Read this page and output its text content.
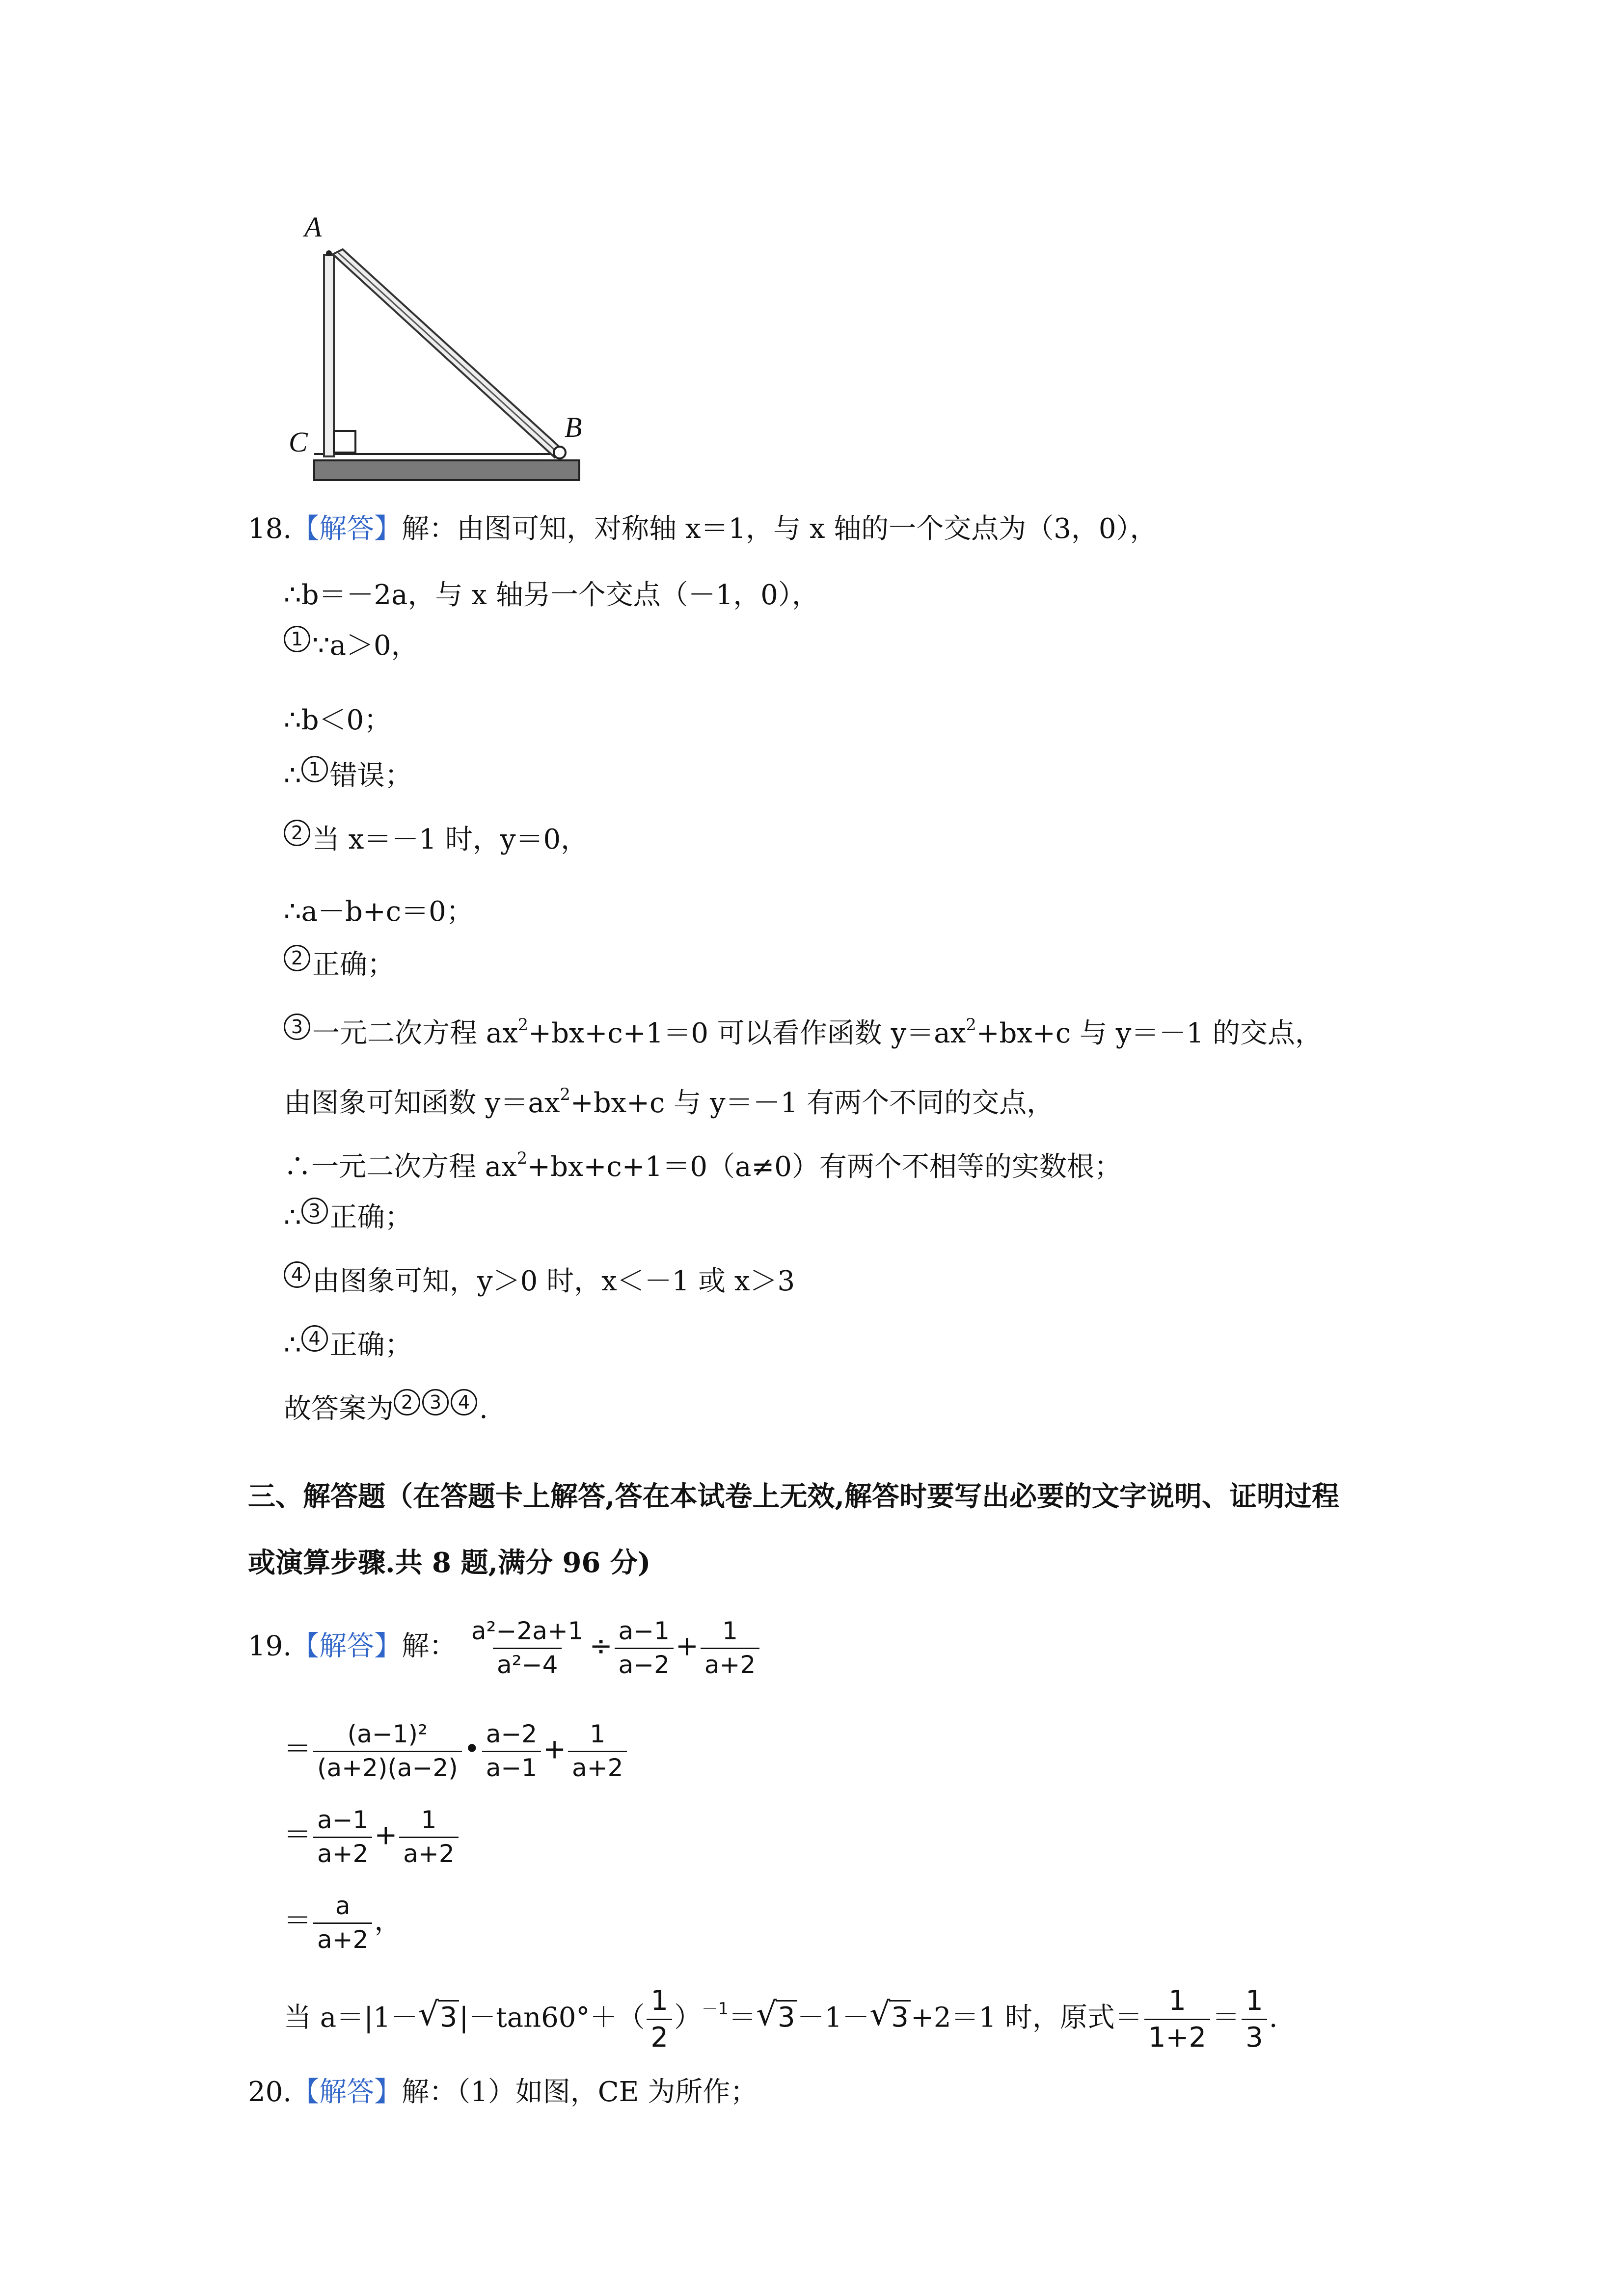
A
C	B
18.【解答】解：由图可知，对称轴 x＝1，与 x 轴的一个交点为（3，0），
∴b＝－2a，与 x 轴另一个交点（－1，0），
1 ∵a＞0，
∴b＜0；
∴ 1 错误；
2 当 x＝－1 时，y＝0，
∴a－b+c＝0；
2 正确；
3 一元二次方程 $ax^2+bx+c+1=0$ 可以看作函数 $y=ax^2+bx+c$ 与 y＝－1 的交点，
由图象可知函数 $y=ax^2+bx+c$ 与 y＝－1 有两个不同的交点，
∴一元二次方程 $ax^2+bx+c+1=0(a\ne 0)$有两个不相等的实数根；
∴ 3 正确；
4 由图象可知，y＞0 时，x＜－1 或 x＞3
∴ 4 正确；
故答案为 2 3 4 .
三、解答题（在答题卡上解答,答在本试卷上无效,解答时要写出必要的文字说明、证明过程
或演算步骤.共 8 题,满分 96 分)
19.【解答】解： $\frac{\text{a²−2a+1}}{\text{a²−4}} \div \frac{a-1}{a-2} + \frac{1}{a+2}$
＝ $\frac{\text{(a−1)²}}{(a+2)(a-2)}$ • $\frac{a-2}{a-1} + \frac{1}{a+2}$
＝ $\frac{a-1}{a+2} + \frac{1}{a+2}$
＝ $\frac{a}{a+2}$ ，
当 a＝|1－ √ $3|-\tan 60^\circ+( \frac{1}{2} )^{-1}=$ √ 3－1－ √ 3+2＝1 时，原式＝ $\frac{1}{1+2} = \frac{1}{3}$ .
20.【解答】解：（1）如图，CE 为所作；
